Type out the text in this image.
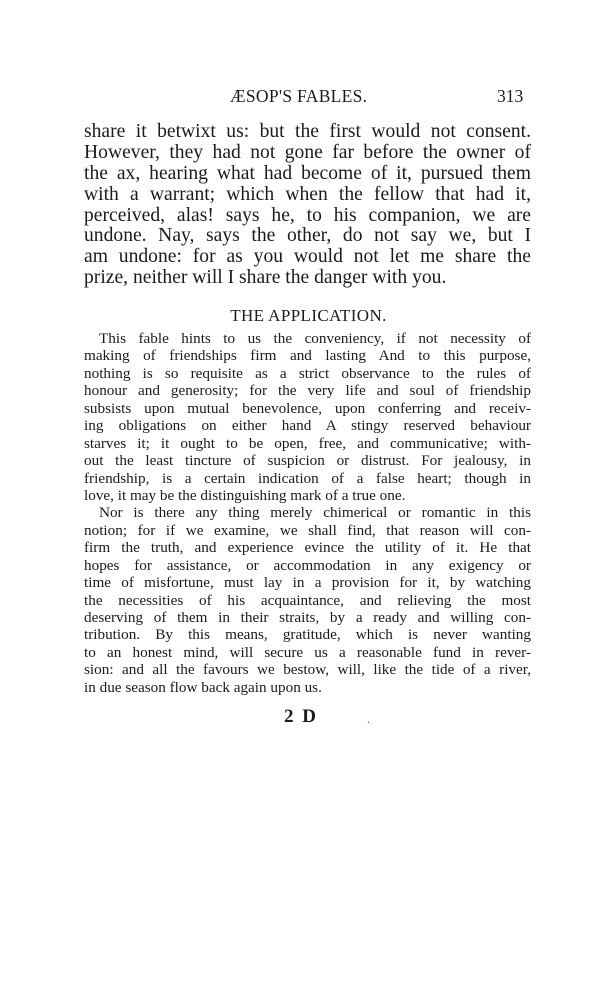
ÆSOP'S FABLES.	313
share it betwixt us: but the first would not consent.
However, they had not gone far before the owner of
the ax, hearing what had become of it, pursued them
with a warrant; which when the fellow that had it,
perceived, alas! says he, to his companion, we are
undone. Nay, says the other, do not say we, but I
am undone: for as you would not let me share the
prize, neither will I share the danger with you.
THE APPLICATION.
This fable hints to us the conveniency, if not necessity of
making of friendships firm and lasting And to this purpose,
nothing is so requisite as a strict observance to the rules of
honour and generosity; for the very life and soul of friendship
subsists upon mutual benevolence, upon conferring and receiv-
ing obligations on either hand A stingy reserved behaviour
starves it; it ought to be open, free, and communicative; with-
out the least tincture of suspicion or distrust. For jealousy, in
friendship, is a certain indication of a false heart; though in
love, it may be the distinguishing mark of a true one.
Nor is there any thing merely chimerical or romantic in this
notion; for if we examine, we shall find, that reason will con-
firm the truth, and experience evince the utility of it. He that
hopes for assistance, or accommodation in any exigency or
time of misfortune, must lay in a provision for it, by watching
the necessities of his acquaintance, and relieving the most
deserving of them in their straits, by a ready and willing con-
tribution. By this means, gratitude, which is never wanting
to an honest mind, will secure us a reasonable fund in rever-
sion: and all the favours we bestow, will, like the tide of a river,
in due season flow back again upon us.
2 D	.
